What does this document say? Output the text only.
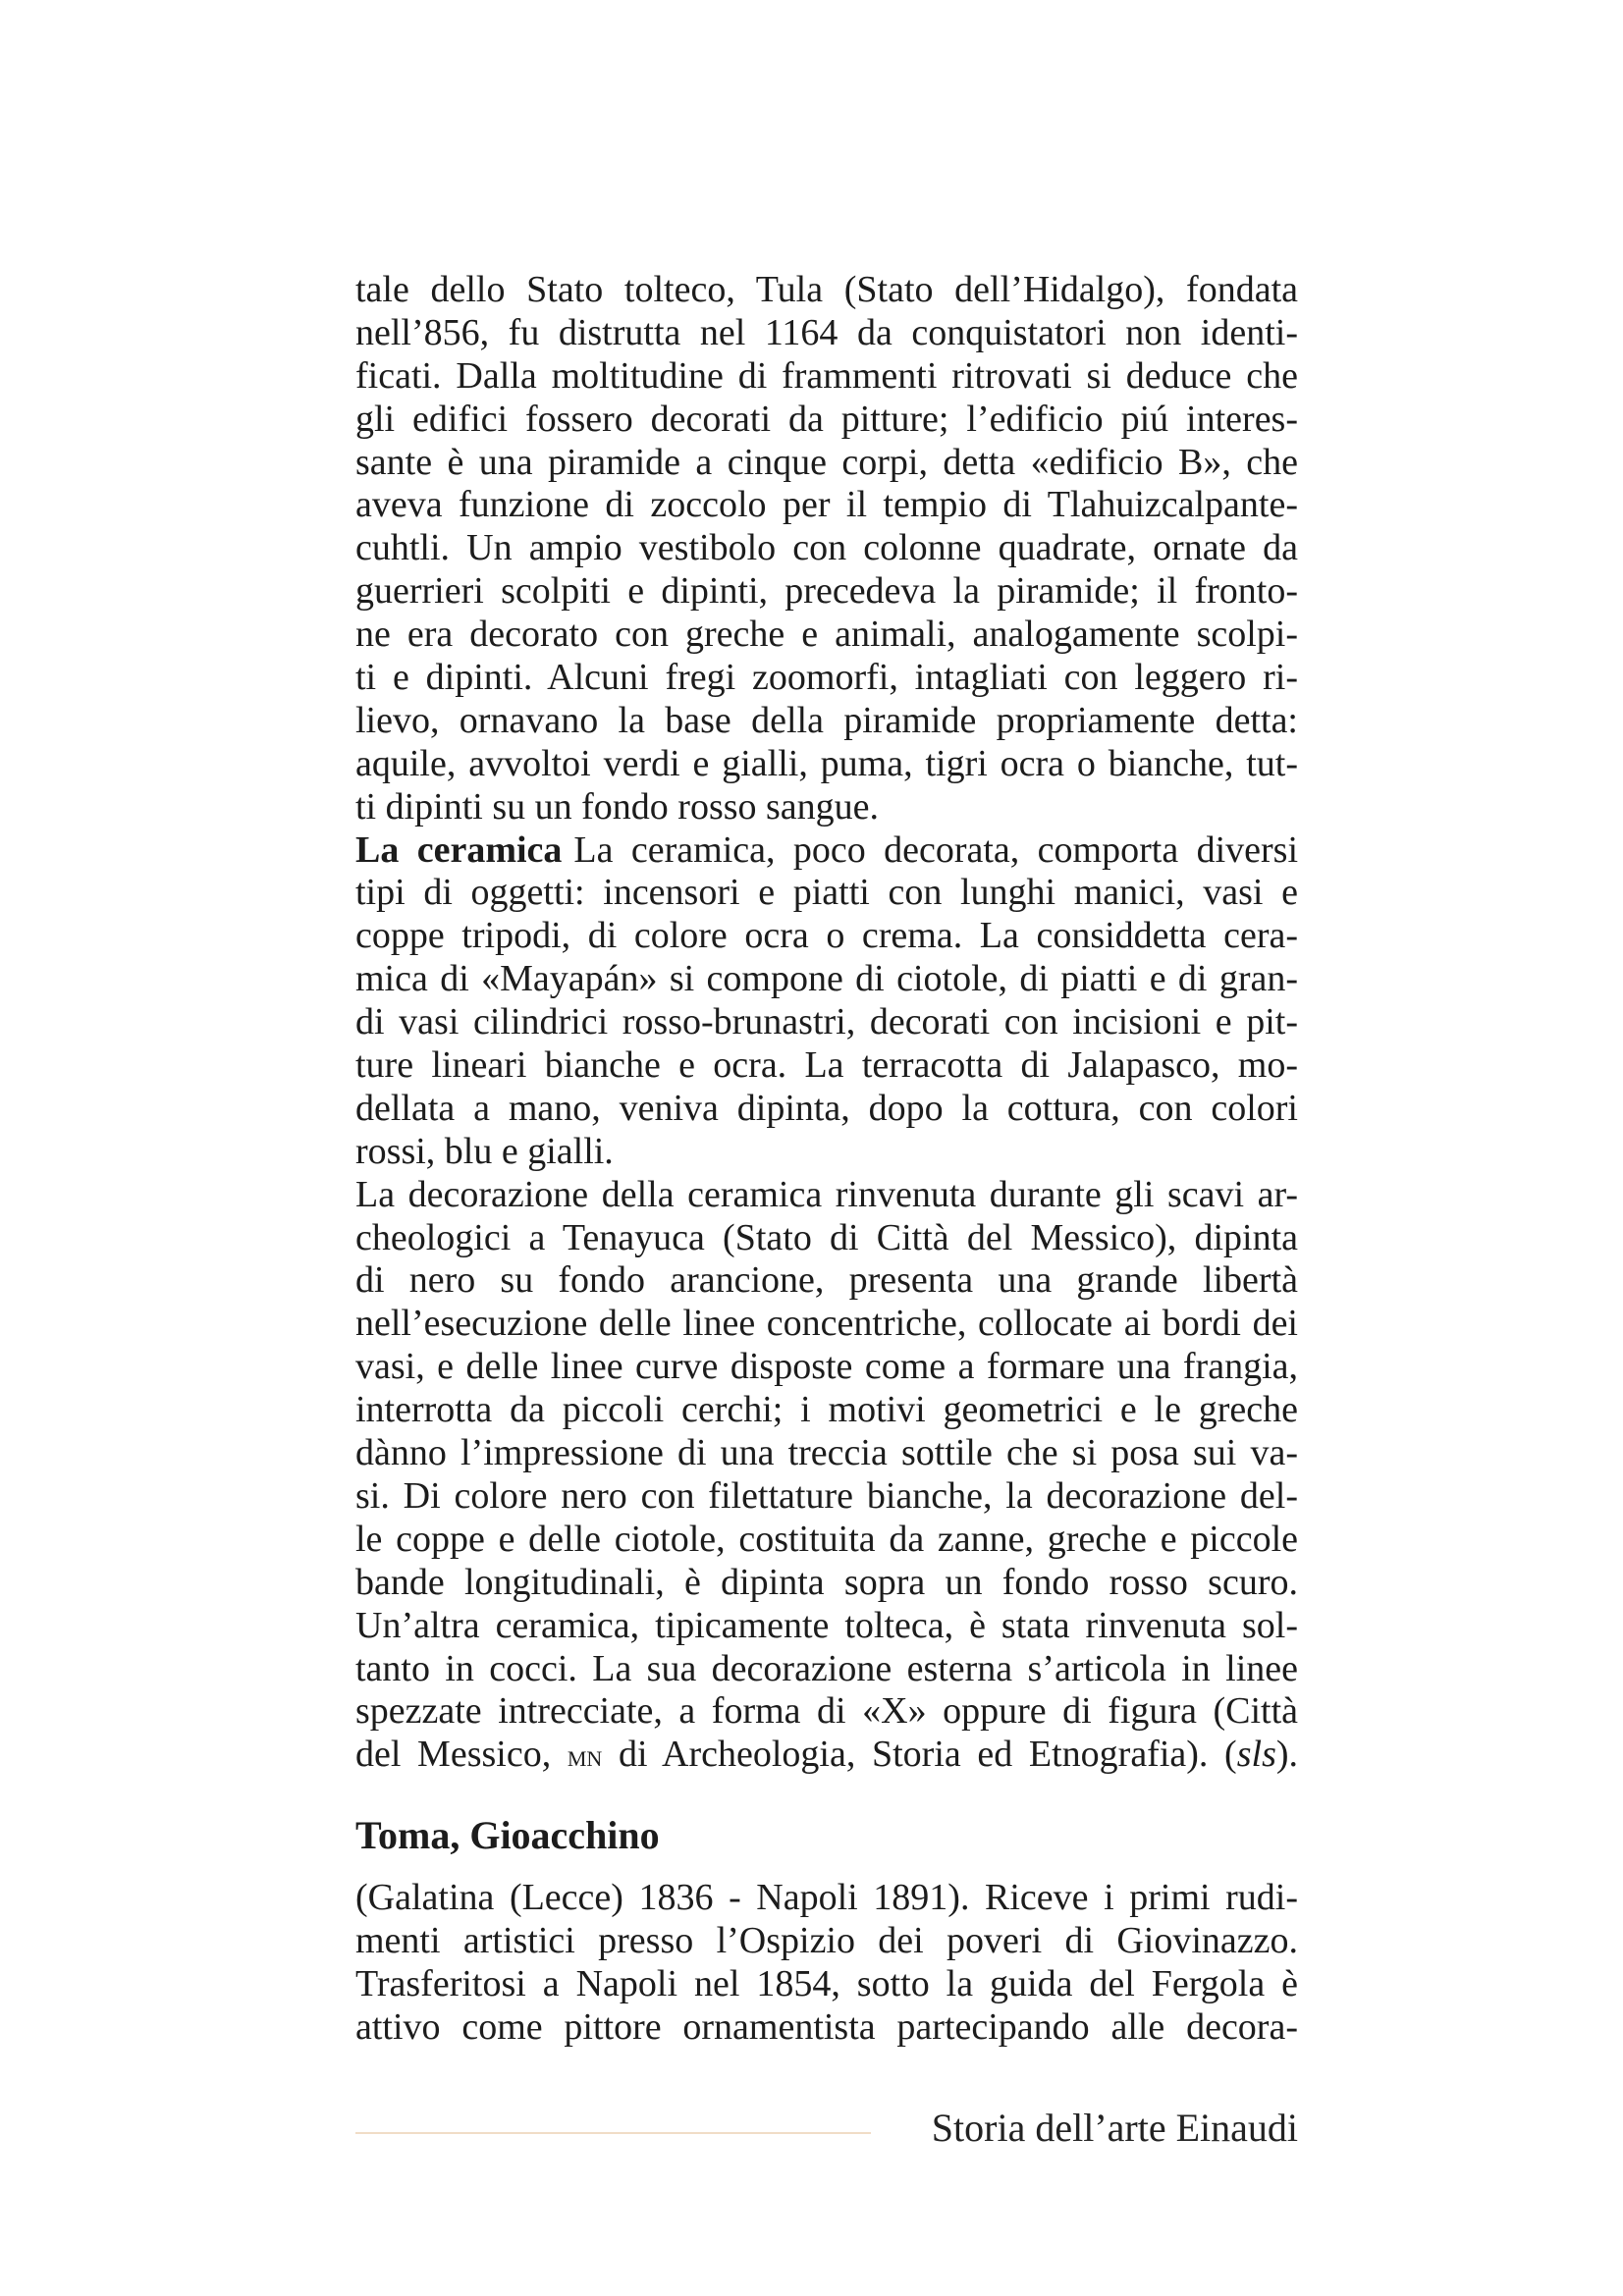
tale dello Stato tolteco, Tula (Stato dell’Hidalgo), fondata
nell’856, fu distrutta nel 1164 da conquistatori non identi-
ficati. Dalla moltitudine di frammenti ritrovati si deduce che
gli edifici fossero decorati da pitture; l’edificio piú interes-
sante è una piramide a cinque corpi, detta «edificio B», che
aveva funzione di zoccolo per il tempio di Tlahuizcalpante-
cuhtli. Un ampio vestibolo con colonne quadrate, ornate da
guerrieri scolpiti e dipinti, precedeva la piramide; il fronto-
ne era decorato con greche e animali, analogamente scolpi-
ti e dipinti. Alcuni fregi zoomorfi, intagliati con leggero ri-
lievo, ornavano la base della piramide propriamente detta:
aquile, avvoltoi verdi e gialli, puma, tigri ocra o bianche, tut-
ti dipinti su un fondo rosso sangue.
La ceramica La ceramica, poco decorata, comporta diversi
tipi di oggetti: incensori e piatti con lunghi manici, vasi e
coppe tripodi, di colore ocra o crema. La considdetta cera-
mica di «Mayapán» si compone di ciotole, di piatti e di gran-
di vasi cilindrici rosso-brunastri, decorati con incisioni e pit-
ture lineari bianche e ocra. La terracotta di Jalapasco, mo-
dellata a mano, veniva dipinta, dopo la cottura, con colori
rossi, blu e gialli.
La decorazione della ceramica rinvenuta durante gli scavi ar-
cheologici a Tenayuca (Stato di Città del Messico), dipinta
di nero su fondo arancione, presenta una grande libertà
nell’esecuzione delle linee concentriche, collocate ai bordi dei
vasi, e delle linee curve disposte come a formare una frangia,
interrotta da piccoli cerchi; i motivi geometrici e le greche
dànno l’impressione di una treccia sottile che si posa sui va-
si. Di colore nero con filettature bianche, la decorazione del-
le coppe e delle ciotole, costituita da zanne, greche e piccole
bande longitudinali, è dipinta sopra un fondo rosso scuro.
Un’altra ceramica, tipicamente tolteca, è stata rinvenuta sol-
tanto in cocci. La sua decorazione esterna s’articola in linee
spezzate intrecciate, a forma di «X» oppure di figura (Città
del Messico, mn di Archeologia, Storia ed Etnografia). (sls).
Toma, Gioacchino
(Galatina (Lecce) 1836 - Napoli 1891). Riceve i primi rudi-
menti artistici presso l’Ospizio dei poveri di Giovinazzo.
Trasferitosi a Napoli nel 1854, sotto la guida del Fergola è
attivo come pittore ornamentista partecipando alle decora-
Storia dell’arte Einaudi
